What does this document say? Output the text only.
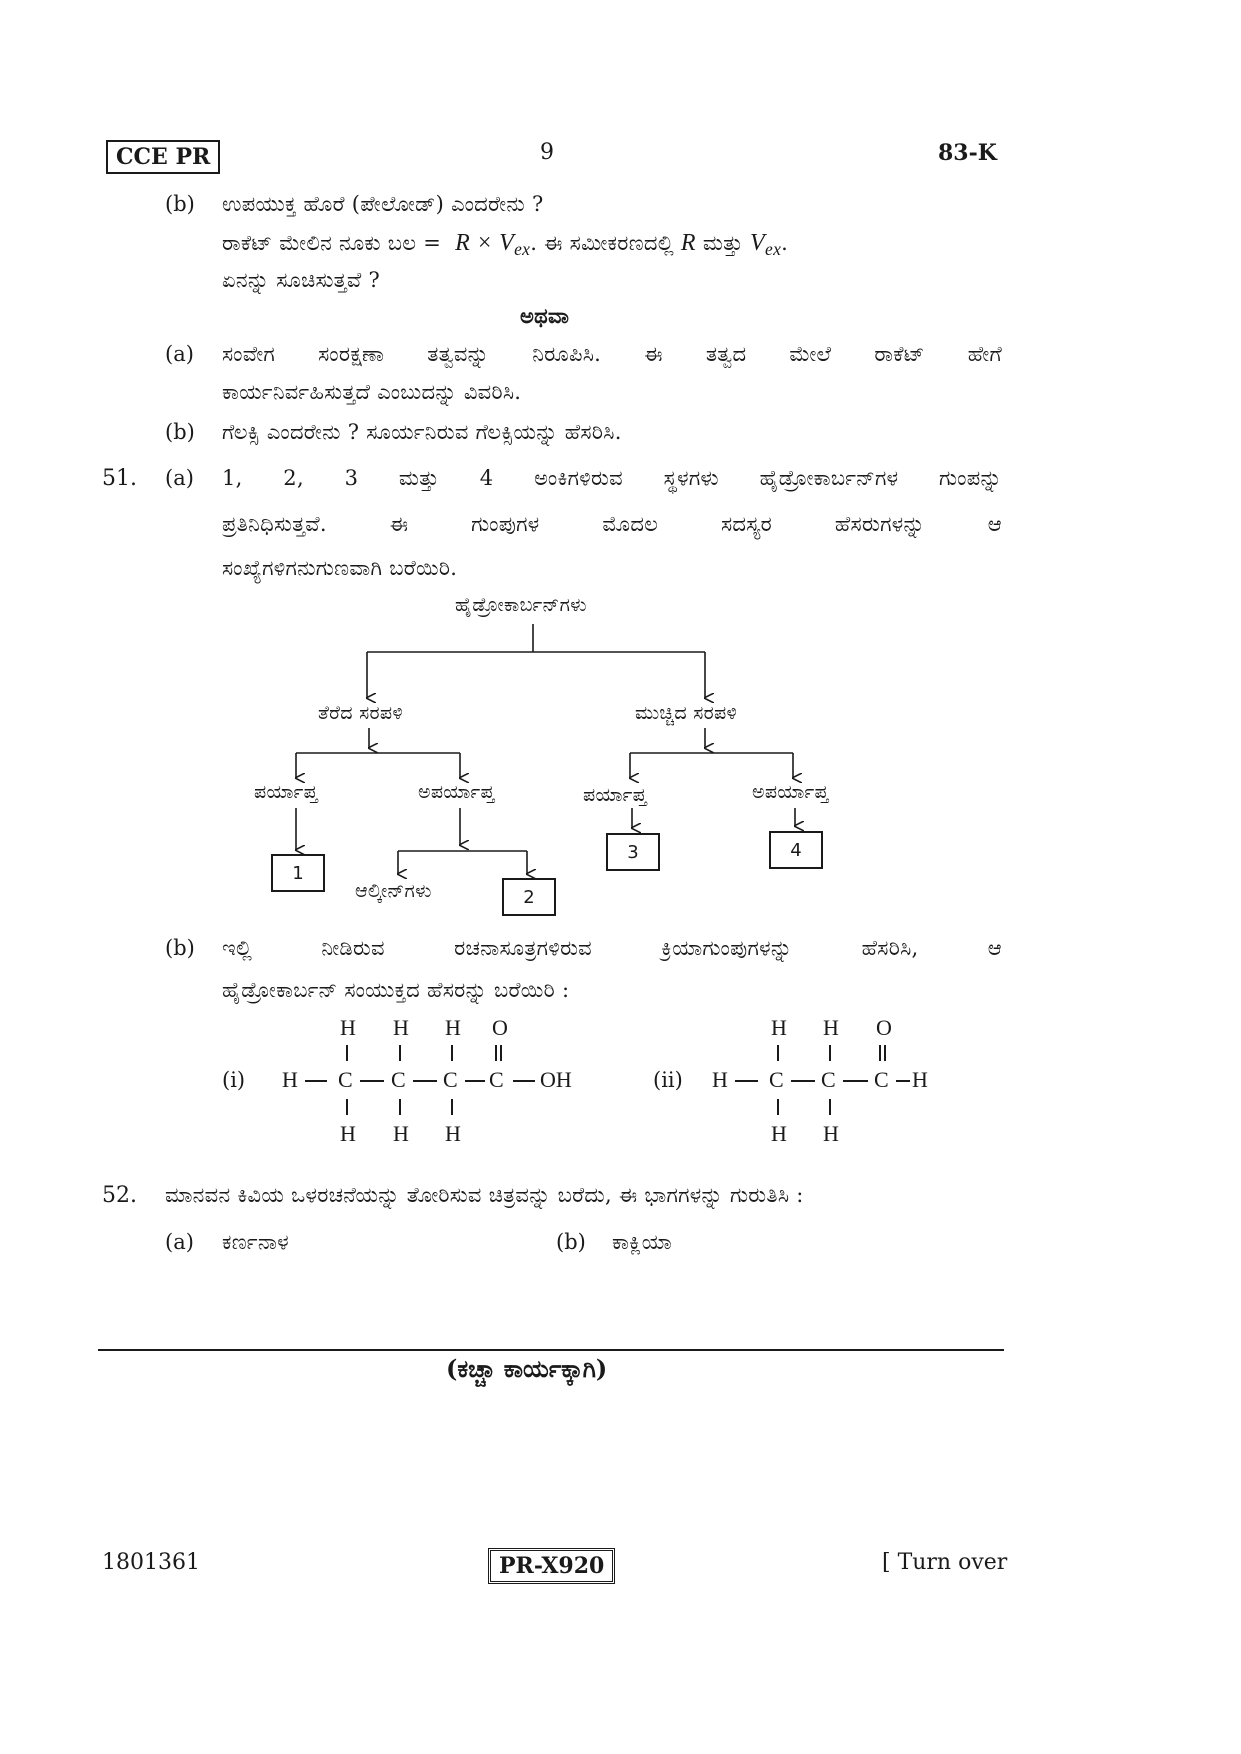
CCE PR	9	83-K
(b) ಉಪಯುಕ್ತ ಹೊರೆ (ಪೇಲೋಡ್) ಎಂದರೇನು ?
ರಾಕೆಟ್ ಮೇಲಿನ ನೂಕು ಬಲ = $R \times V_{ex}$. ಈ ಸಮೀಕರಣದಲ್ಲಿ R ಮತ್ತು $V_{ex}$.
ಏನನ್ನು ಸೂಚಿಸುತ್ತವೆ ?
ಅಥವಾ
(a) ಸಂವೇಗ ಸಂರಕ್ಷಣಾ ತತ್ವವನ್ನು ನಿರೂಪಿಸಿ. ಈ ತತ್ವದ ಮೇಲೆ ರಾಕೆಟ್ ಹೇಗೆ
ಕಾರ್ಯನಿರ್ವಹಿಸುತ್ತದೆ ಎಂಬುದನ್ನು ವಿವರಿಸಿ.
(b) ಗೆಲಕ್ಸಿ ಎಂದರೇನು ? ಸೂರ್ಯನಿರುವ ಗೆಲಕ್ಸಿಯನ್ನು ಹೆಸರಿಸಿ.
51. (a) 1, 2, 3 ಮತ್ತು 4 ಅಂಕಿಗಳಿರುವ ಸ್ಥಳಗಳು ಹೈಡ್ರೋಕಾರ್ಬನ್‌ಗಳ ಗುಂಪನ್ನು
ಪ್ರತಿನಿಧಿಸುತ್ತವೆ.	ಈ	ಗುಂಪುಗಳ	ಮೊದಲ	ಸದಸ್ಯರ	ಹೆಸರುಗಳನ್ನು	ಆ
ಸಂಖ್ಯೆಗಳಿಗನುಗುಣವಾಗಿ ಬರೆಯಿರಿ.
ಹೈಡ್ರೋಕಾರ್ಬನ್‌ಗಳು
ತೆರೆದ ಸರಪಳಿ	ಮುಚ್ಚಿದ ಸರಪಳಿ
ಪರ್ಯಾಪ್ತ	ಅಪರ್ಯಾಪ್ತ	ಪರ್ಯಾಪ್ತ	ಅಪರ್ಯಾಪ್ತ
ಆಲ್ಕೀನ್‌ಗಳು
1
2
3	4
(b) ಇಲ್ಲಿ	ನೀಡಿರುವ	ರಚನಾಸೂತ್ರಗಳಿರುವ	ಕ್ರಿಯಾಗುಂಪುಗಳನ್ನು	ಹೆಸರಿಸಿ,	ಆ
ಹೈಡ್ರೋಕಾರ್ಬನ್ ಸಂಯುಕ್ತದ ಹೆಸರನ್ನು ಬರೆಯಿರಿ :
(i)
H H H O
H C C C C OH
H H H
(ii)
H H O
H C C C H
H H
52. ಮಾನವನ ಕಿವಿಯ ಒಳರಚನೆಯನ್ನು ತೋರಿಸುವ ಚಿತ್ರವನ್ನು ಬರೆದು, ಈ ಭಾಗಗಳನ್ನು ಗುರುತಿಸಿ :
(a) ಕರ್ಣನಾಳ	(b) ಕಾಕ್ಲಿಯಾ
(ಕಚ್ಚಾ ಕಾರ್ಯಕ್ಕಾಗಿ)
1801361	PR-X920	[ Turn over
